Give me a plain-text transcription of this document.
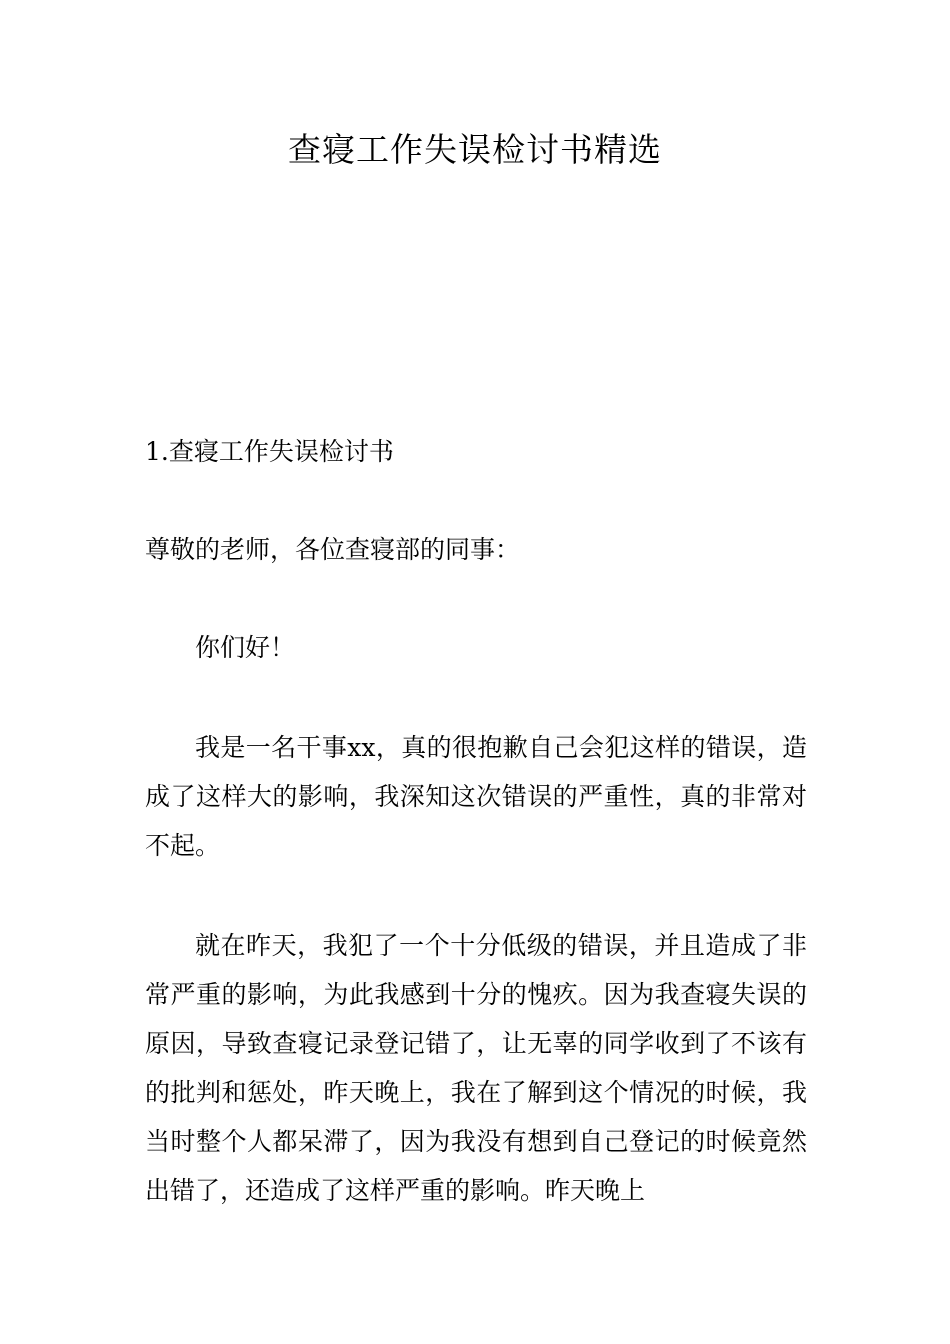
查寝工作失误检讨书精选

1.查寝工作失误检讨书

尊敬的老师，各位查寝部的同事：

你们好！

我是一名干事xx，真的很抱歉自己会犯这样的错误，造成了这样大的影响，我深知这次错误的严重性，真的非常对不起。

就在昨天，我犯了一个十分低级的错误，并且造成了非常严重的影响，为此我感到十分的愧疚。因为我查寝失误的原因，导致查寝记录登记错了，让无辜的同学收到了不该有的批判和惩处，昨天晚上，我在了解到这个情况的时候，我当时整个人都呆滞了，因为我没有想到自己登记的时候竟然出错了，还造成了这样严重的影响。昨天晚上
